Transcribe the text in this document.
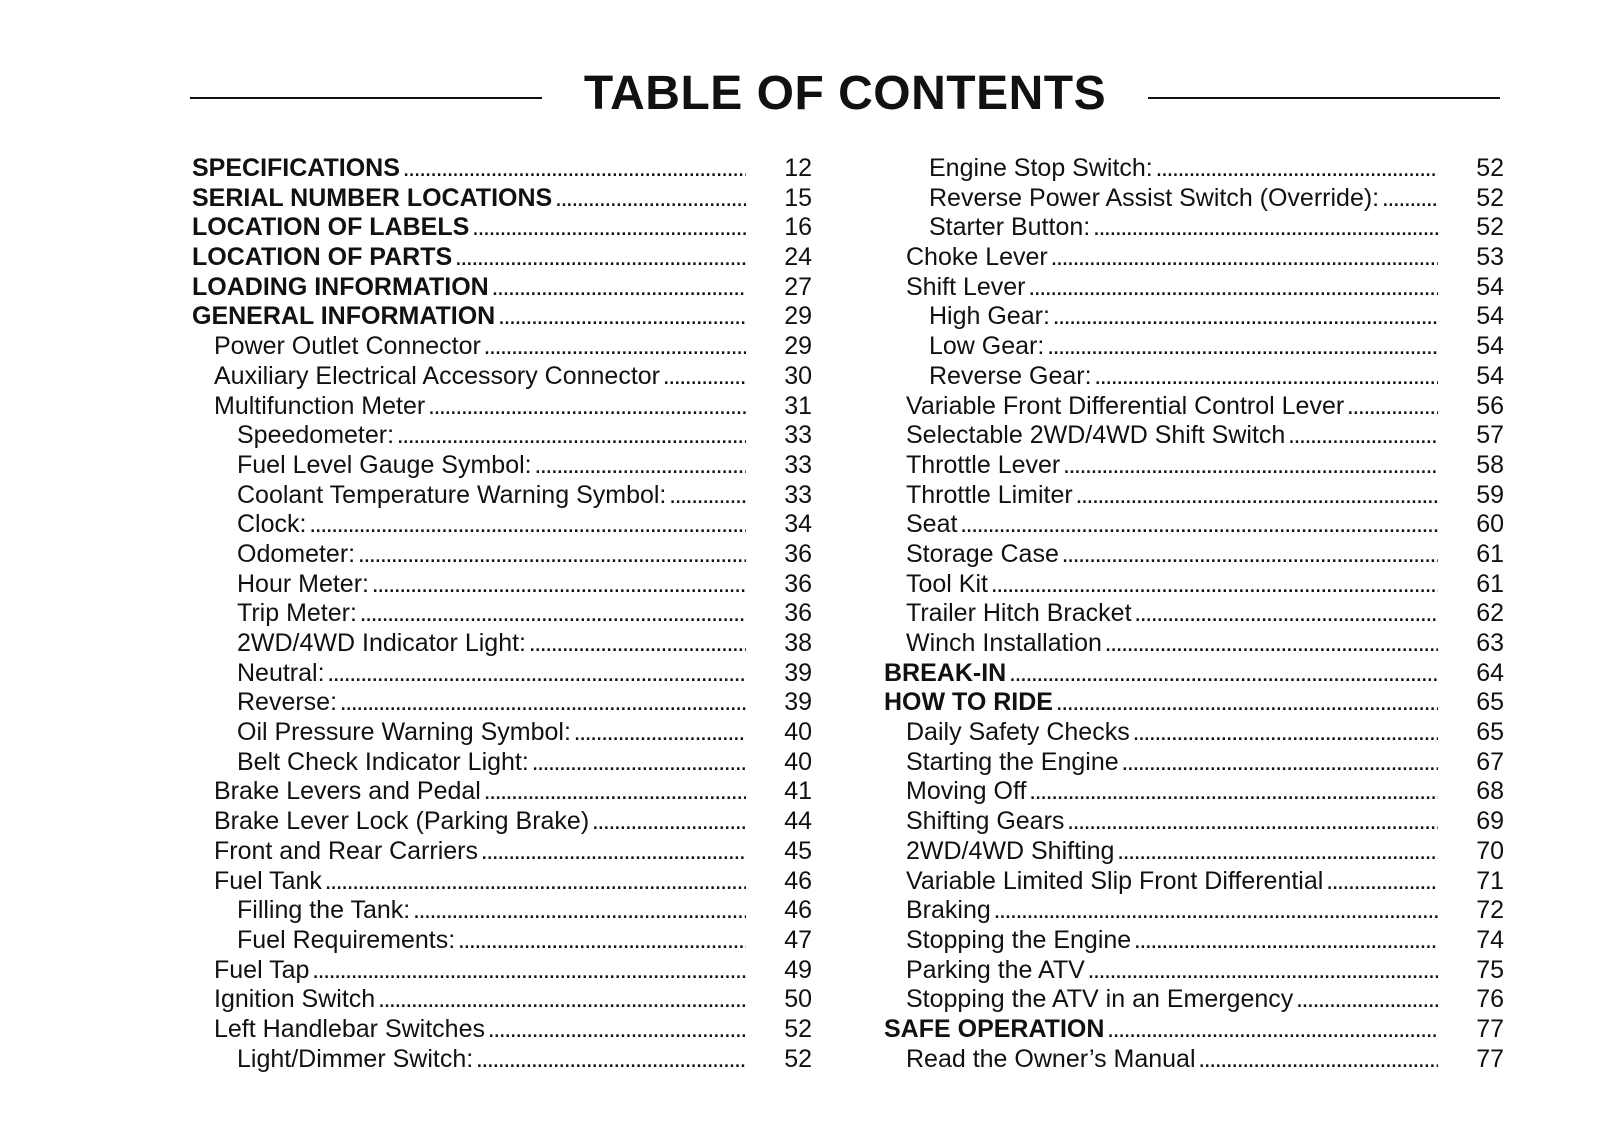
TABLE OF CONTENTS
SPECIFICATIONS . . .	12
SERIAL NUMBER LOCATIONS . . .	15
LOCATION OF LABELS . . .	16
LOCATION OF PARTS . . .	24
LOADING INFORMATION . . .	27
GENERAL INFORMATION . . .	29
Power Outlet Connector . . .	29
Auxiliary Electrical Accessory Connector . . .	30
Multifunction Meter . . .	31
Speedometer: . . .	33
Fuel Level Gauge Symbol: . . .	33
Coolant Temperature Warning Symbol: . . .	33
Clock: . . .	34
Odometer: . . .	36
Hour Meter: . . .	36
Trip Meter: . . .	36
2WD/4WD Indicator Light: . . .	38
Neutral: . . .	39
Reverse: . . .	39
Oil Pressure Warning Symbol: . . .	40
Belt Check Indicator Light: . . .	40
Brake Levers and Pedal . . .	41
Brake Lever Lock (Parking Brake) . . .	44
Front and Rear Carriers . . .	45
Fuel Tank . . .	46
Filling the Tank: . . .	46
Fuel Requirements: . . .	47
Fuel Tap . . .	49
Ignition Switch . . .	50
Left Handlebar Switches . . .	52
Light/Dimmer Switch: . . .	52
Engine Stop Switch: . . .	52
Reverse Power Assist Switch (Override): . . .	52
Starter Button: . . .	52
Choke Lever . . .	53
Shift Lever . . .	54
High Gear: . . .	54
Low Gear: . . .	54
Reverse Gear: . . .	54
Variable Front Differential Control Lever . . .	56
Selectable 2WD/4WD Shift Switch . . .	57
Throttle Lever . . .	58
Throttle Limiter . . .	59
Seat . . .	60
Storage Case . . .	61
Tool Kit . . .	61
Trailer Hitch Bracket . . .	62
Winch Installation . . .	63
BREAK-IN . . .	64
HOW TO RIDE . . .	65
Daily Safety Checks . . .	65
Starting the Engine . . .	67
Moving Off . . .	68
Shifting Gears . . .	69
2WD/4WD Shifting . . .	70
Variable Limited Slip Front Differential . . .	71
Braking . . .	72
Stopping the Engine . . .	74
Parking the ATV . . .	75
Stopping the ATV in an Emergency . . .	76
SAFE OPERATION . . .	77
Read the Owner’s Manual . . .	77
